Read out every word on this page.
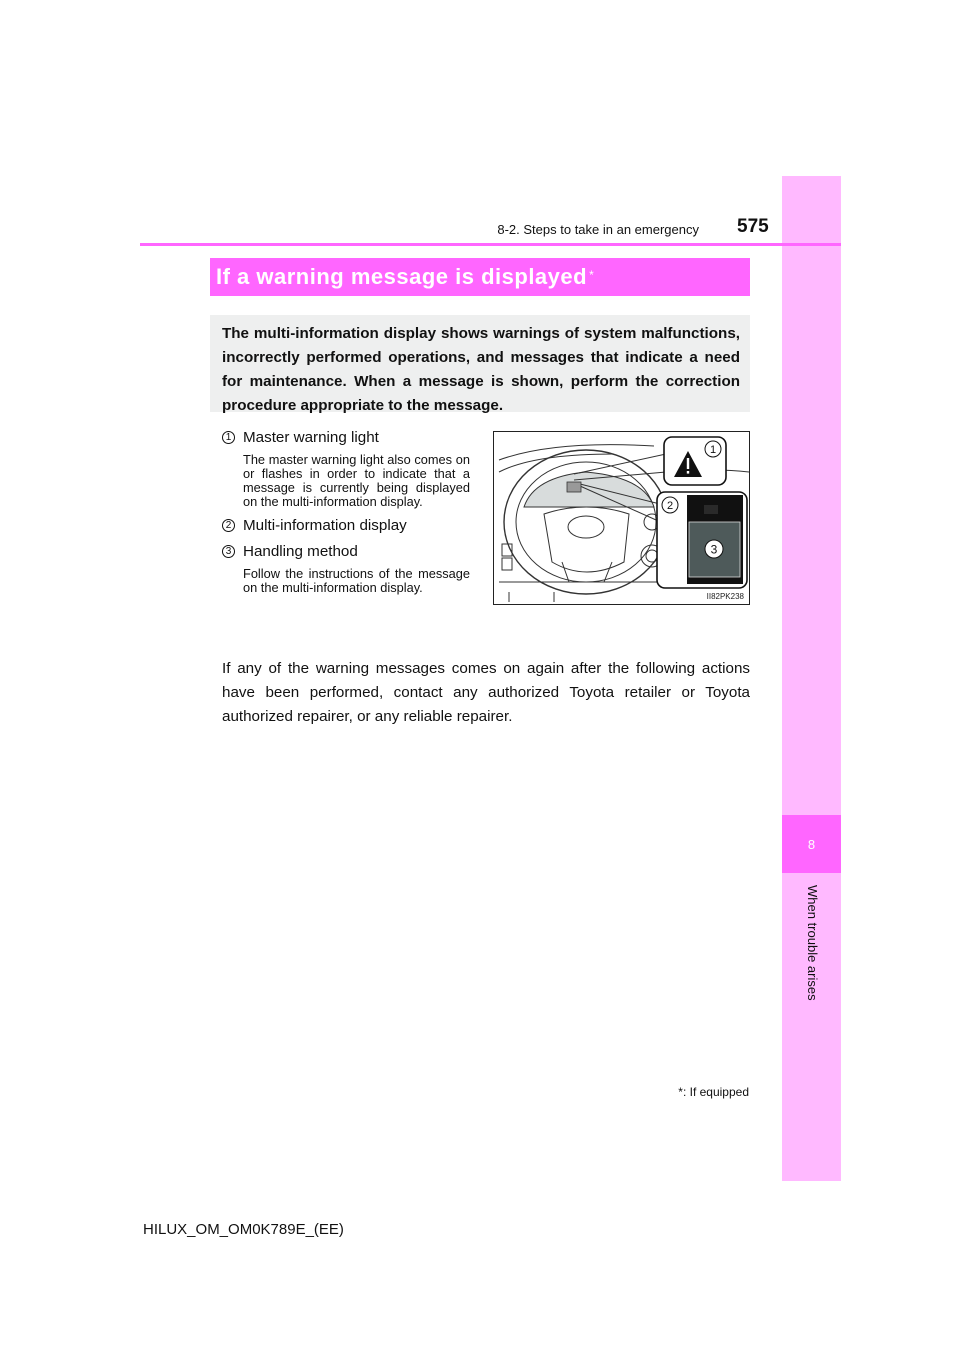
8
When trouble arises
8-2. Steps to take in an emergency 575
If a warning message is displayed *
The multi-information display shows warnings of system malfunctions, incorrectly performed operations, and messages that indicate a need for maintenance. When a message is shown, perform the correction procedure appropriate to the message.
1 Master warning light
The master warning light also comes on or flashes in order to indicate that a message is currently being displayed on the multi-information display.
2 Multi-information display
3 Handling method
Follow the instructions of the message on the multi-information display.
1
2
3
II82PK238
If any of the warning messages comes on again after the following actions have been performed, contact any authorized Toyota retailer or Toyota authorized repairer, or any reliable repairer.
*: If equipped
HILUX_OM_OM0K789E_(EE)
